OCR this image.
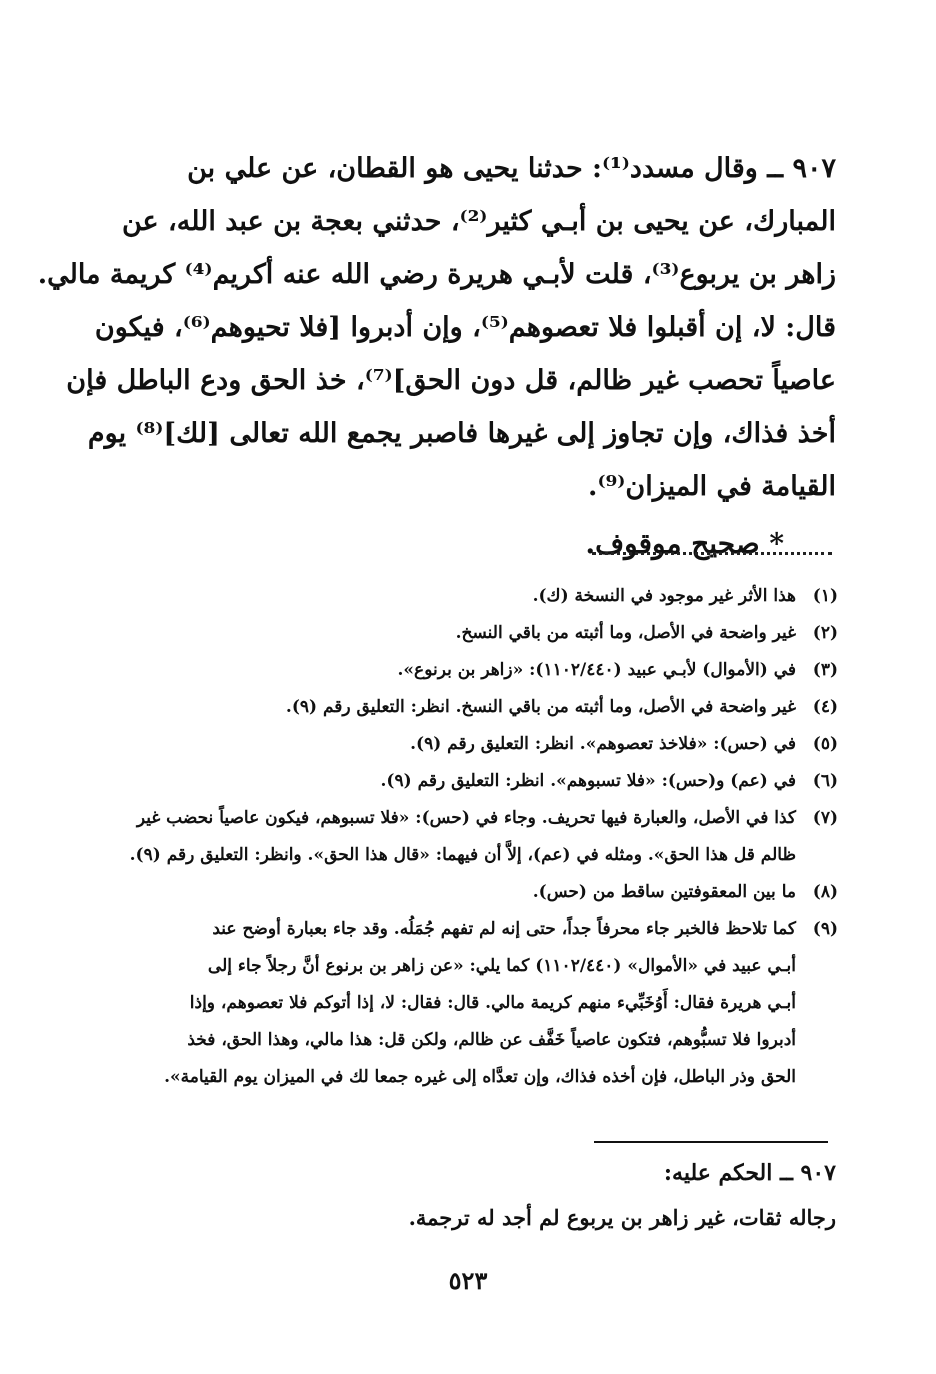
٩٠٧ ــ وقال مسدد⁽¹⁾: حدثنا يحيى هو القطان، عن علي بن
المبارك، عن يحيى بن أبـي كثير⁽²⁾، حدثني بعجة بن عبد الله، عن
زاهر بن يربوع⁽³⁾، قلت لأبـي هريرة رضي الله عنه أكريم⁽⁴⁾ كريمة مالي.
قال: لا، إن أقبلوا فلا تعصوهم⁽⁵⁾، وإن أدبروا [فلا تحيوهم⁽⁶⁾، فيكون
عاصياً تحصب غير ظالم، قل دون الحق]⁽⁷⁾، خذ الحق ودع الباطل فإن
أخذ فذاك، وإن تجاوز إلى غيرها فاصبر يجمع الله تعالى [لك]⁽⁸⁾ يوم
القيامة في الميزان⁽⁹⁾.
* صحيح موقوف.
(١)
هذا الأثر غير موجود في النسخة (ك).
(٢)
غير واضحة في الأصل، وما أثبته من باقي النسخ.
(٣)
في (الأموال) لأبـي عبيد (١١٠٢/٤٤٠): «زاهر بن برنوع».
(٤)
غير واضحة في الأصل، وما أثبته من باقي النسخ. انظر: التعليق رقم (٩).
(٥)
في (حس): «فلاخذ تعصوهم». انظر: التعليق رقم (٩).
(٦)
في (عم) و(حس): «فلا تسبوهم». انظر: التعليق رقم (٩).
(٧)
كذا في الأصل، والعبارة فيها تحريف. وجاء في (حس): «فلا تسبوهم، فيكون عاصياً نحضب غير
ظالم قل هذا الحق». ومثله في (عم)، إلاَّ أن فيهما: «قال هذا الحق». وانظر: التعليق رقم (٩).
(٨)
ما بين المعقوفتين ساقط من (حس).
(٩)
كما تلاحظ فالخبر جاء محرفاً جداً، حتى إنه لم تفهم جُمَلُه. وقد جاء بعبارة أوضح عند
أبـي عبيد في «الأموال» (١١٠٢/٤٤٠) كما يلي: «عن زاهر بن برنوع أنَّ رجلاً جاء إلى
أبـي هريرة فقال: أَوُخَبِّيء منهم كريمة مالي. قال: فقال: لا، إذا أتوكم فلا تعصوهم، وإذا
أدبروا فلا تسبُّوهم، فتكون عاصياً خَفَّف عن ظالم، ولكن قل: هذا مالي، وهذا الحق، فخذ
الحق وذر الباطل، فإن أخذه فذاك، وإن تعدَّاه إلى غيره جمعا لك في الميزان يوم القيامة».
٩٠٧ ــ الحكم عليه:
رجاله ثقات، غير زاهر بن يربوع لم أجد له ترجمة.
٥٢٣
